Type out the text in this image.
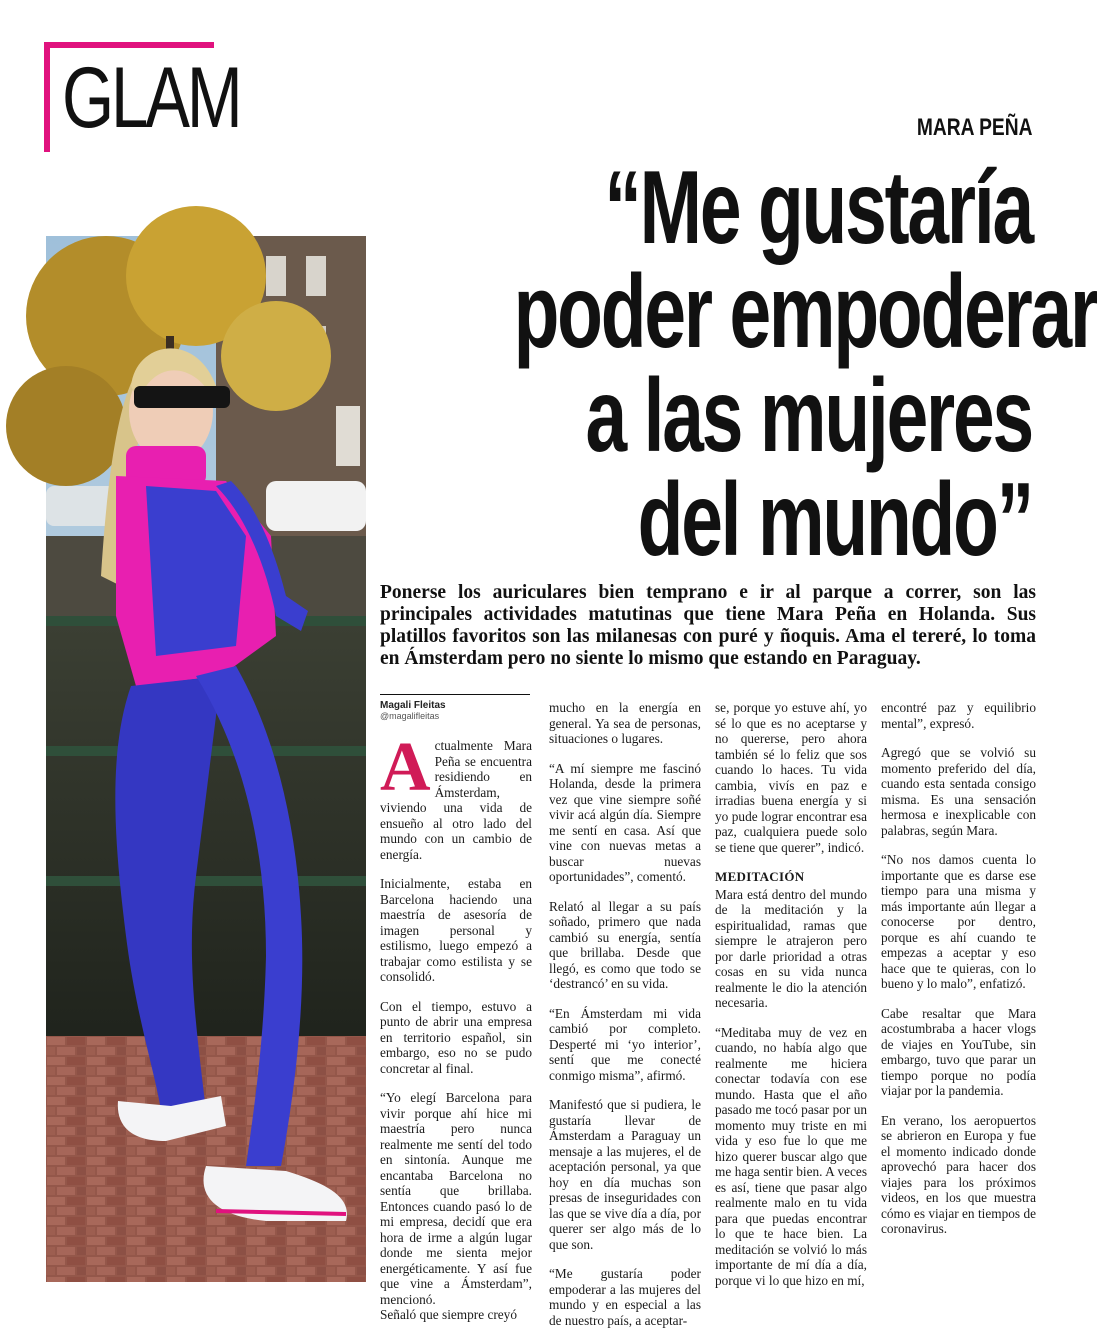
GLAM	MARA PEÑA
“Me gustaría
poder empoderar
a las mujeres
del mundo”
Ponerse los auriculares bien temprano e ir al parque a correr, son las principales actividades matutinas que tiene Mara Peña en Holanda. Sus platillos favoritos son las milanesas con puré y ñoquis. Ama el tereré, lo toma en Ámsterdam pero no siente lo mismo que estando en Paraguay.
Magali Fleitas
@magalifleitas

Actualmente Mara Peña se encuentra residiendo en Ámsterdam, viviendo una vida de ensueño al otro lado del mundo con un cambio de energía.

Inicialmente, estaba en Barcelona haciendo una maestría de asesoría de imagen personal y estilismo, luego empezó a trabajar como estilista y se consolidó.

Con el tiempo, estuvo a punto de abrir una empresa en territorio español, sin embargo, eso no se pudo concretar al final.

“Yo elegí Barcelona para vivir porque ahí hice mi maestría pero nunca realmente me sentí del todo en sintonía. Aunque me encantaba Barcelona no sentía que brillaba. Entonces cuando pasó lo de mi empresa, decidí que era hora de irme a algún lugar donde me sienta mejor energéticamente. Y así fue que vine a Ámsterdam”, mencionó.

Señaló que siempre creyó

mucho en la energía en general. Ya sea de personas, situaciones o lugares.

“A mí siempre me fascinó Holanda, desde la primera vez que vine siempre soñé vivir acá algún día. Siempre me sentí en casa. Así que vine con nuevas metas a buscar nuevas oportunidades”, comentó.

Relató al llegar a su país soñado, primero que nada cambió su energía, sentía que brillaba. Desde que llegó, es como que todo se ‘destrancó’ en su vida.

“En Ámsterdam mi vida cambió por completo. Desperté mi ‘yo interior’, sentí que me conecté conmigo misma”, afirmó.

Manifestó que si pudiera, le gustaría llevar de Ámsterdam a Paraguay un mensaje a las mujeres, el de aceptación personal, ya que hoy en día muchas son presas de inseguridades con las que se vive día a día, por querer ser algo más de lo que son.

“Me gustaría poder empoderar a las mujeres del mundo y en especial a las de nuestro país, a aceptar-

se, porque yo estuve ahí, yo sé lo que es no aceptarse y no quererse, pero ahora también sé lo feliz que sos cuando lo haces. Tu vida cambia, vivís en paz e irradias buena energía y si yo pude lograr encontrar esa paz, cualquiera puede solo se tiene que querer”, indicó.

MEDITACIÓN

Mara está dentro del mundo de la meditación y la espiritualidad, ramas que siempre le atrajeron pero por darle prioridad a otras cosas en su vida nunca realmente le dio la atención necesaria.

“Meditaba muy de vez en cuando, no había algo que realmente me hiciera conectar todavía con ese mundo. Hasta que el año pasado me tocó pasar por un momento muy triste en mi vida y eso fue lo que me hizo querer buscar algo que me haga sentir bien. A veces es así, tiene que pasar algo realmente malo en tu vida para que puedas encontrar lo que te hace bien. La meditación se volvió lo más importante de mí día a día, porque vi lo que hizo en mí,

encontré paz y equilibrio mental”, expresó.

Agregó que se volvió su momento preferido del día, cuando esta sentada consigo misma. Es una sensación hermosa e inexplicable con palabras, según Mara.

“No nos damos cuenta lo importante que es darse ese tiempo para una misma y más importante aún llegar a conocerse por dentro, porque es ahí cuando te empezas a aceptar y eso hace que te quieras, con lo bueno y lo malo”, enfatizó.

Cabe resaltar que Mara acostumbraba a hacer vlogs de viajes en YouTube, sin embargo, tuvo que parar un tiempo porque no podía viajar por la pandemia.

En verano, los aeropuertos se abrieron en Europa y fue el momento indicado donde aprovechó para hacer dos viajes para los próximos videos, en los que muestra cómo es viajar en tiempos de coronavirus.
